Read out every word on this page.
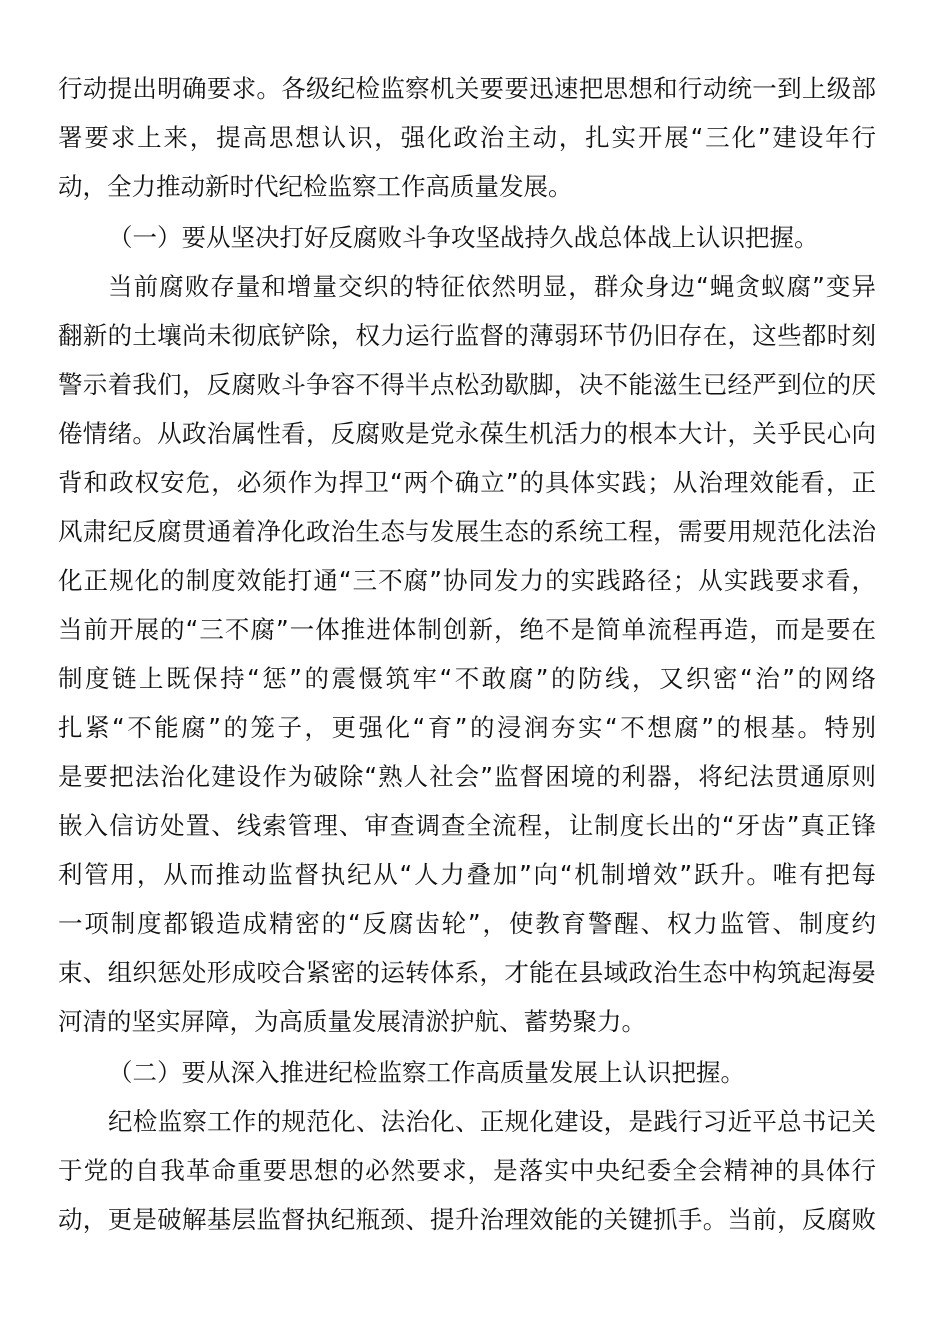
行动提出明确要求。各级纪检监察机关要要迅速把思想和行动统一到上级部
署要求上来，提高思想认识，强化政治主动，扎实开展“三化”建设年行
动，全力推动新时代纪检监察工作高质量发展。
（一）要从坚决打好反腐败斗争攻坚战持久战总体战上认识把握。
当前腐败存量和增量交织的特征依然明显，群众身边“蝇贪蚁腐”变异
翻新的土壤尚未彻底铲除，权力运行监督的薄弱环节仍旧存在，这些都时刻
警示着我们，反腐败斗争容不得半点松劲歇脚，决不能滋生已经严到位的厌
倦情绪。从政治属性看，反腐败是党永葆生机活力的根本大计，关乎民心向
背和政权安危，必须作为捍卫“两个确立”的具体实践；从治理效能看，正
风肃纪反腐贯通着净化政治生态与发展生态的系统工程，需要用规范化法治
化正规化的制度效能打通“三不腐”协同发力的实践路径；从实践要求看，
当前开展的“三不腐”一体推进体制创新，绝不是简单流程再造，而是要在
制度链上既保持“惩”的震慑筑牢“不敢腐”的防线，又织密“治”的网络
扎紧“不能腐”的笼子，更强化“育”的浸润夯实“不想腐”的根基。特别
是要把法治化建设作为破除“熟人社会”监督困境的利器，将纪法贯通原则
嵌入信访处置、线索管理、审查调查全流程，让制度长出的“牙齿”真正锋
利管用，从而推动监督执纪从“人力叠加”向“机制增效”跃升。唯有把每
一项制度都锻造成精密的“反腐齿轮”，使教育警醒、权力监管、制度约
束、组织惩处形成咬合紧密的运转体系，才能在县域政治生态中构筑起海晏
河清的坚实屏障，为高质量发展清淤护航、蓄势聚力。
（二）要从深入推进纪检监察工作高质量发展上认识把握。
纪检监察工作的规范化、法治化、正规化建设，是践行习近平总书记关
于党的自我革命重要思想的必然要求，是落实中央纪委全会精神的具体行
动，更是破解基层监督执纪瓶颈、提升治理效能的关键抓手。当前，反腐败
